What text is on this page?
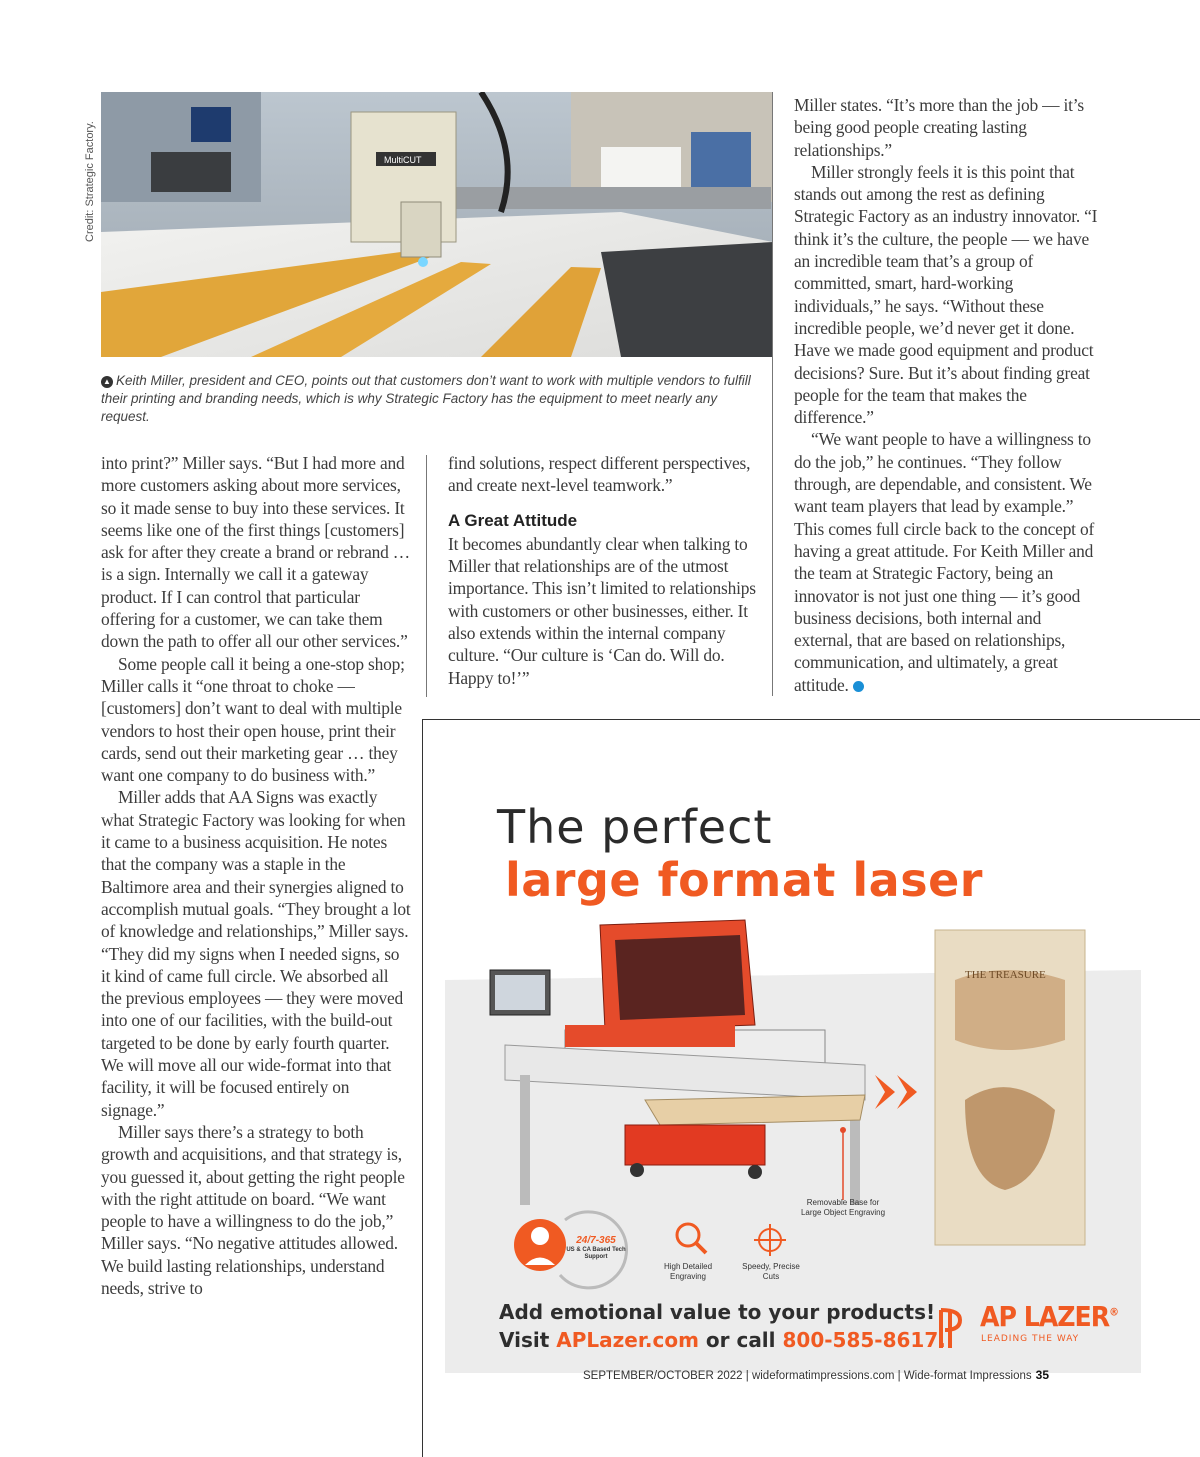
Credit: Strategic Factory.	MultiCUT
▲ Keith Miller, president and CEO, points out that customers don’t want to work with multiple vendors to fulfill their printing and branding needs, which is why Strategic Factory has the equipment to meet nearly any request.

into print?” Miller says. “But I had more and more customers asking about more services, so it made sense to buy into these services. It seems like one of the first things [customers] ask for after they create a brand or rebrand … is a sign. Internally we call it a gateway product. If I can control that particular offering for a customer, we can take them down the path to offer all our other services.”

Some people call it being a one-stop shop; Miller calls it “one throat to choke — [customers] don’t want to deal with multiple vendors to host their open house, print their cards, send out their marketing gear … they want one company to do business with.”

Miller adds that AA Signs was exactly what Strategic Factory was looking for when it came to a business acquisition. He notes that the company was a staple in the Baltimore area and their synergies aligned to accomplish mutual goals. “They brought a lot of knowledge and relationships,” Miller says. “They did my signs when I needed signs, so it kind of came full circle. We absorbed all the previous employees — they were moved into one of our facilities, with the build-out targeted to be done by early fourth quarter. We will move all our wide-format into that facility, it will be focused entirely on signage.”

Miller says there’s a strategy to both growth and acquisitions, and that strategy is, you guessed it, about getting the right people with the right attitude on board. “We want people to have a willingness to do the job,” Miller says. “No negative attitudes allowed. We build lasting relationships, understand needs, strive to

find solutions, respect different perspectives, and create next-level teamwork.”

A Great Attitude

It becomes abundantly clear when talking to Miller that relationships are of the utmost importance. This isn’t limited to relationships with customers or other businesses, either. It also extends within the internal company culture. “Our culture is ‘Can do. Will do. Happy to!’”

Miller states. “It’s more than the job — it’s being good people creating lasting relationships.”

Miller strongly feels it is this point that stands out among the rest as defining Strategic Factory as an industry innovator. “I think it’s the culture, the people — we have an incredible team that’s a group of committed, smart, hard-working individuals,” he says. “Without these incredible people, we’d never get it done. Have we made good equipment and product decisions? Sure. But it’s about finding great people for the team that makes the difference.”

“We want people to have a willingness to do the job,” he continues. “They follow through, are dependable, and consistent. We want team players that lead by example.” This comes full circle back to the concept of having a great attitude. For Keith Miller and the team at Strategic Factory, being an innovator is not just one thing — it’s good business decisions, both internal and external, that are based on relationships, communication, and ultimately, a great attitude.

THE TREASURE
The perfect
large format laser
Removable Base for Large Object Engraving
24/7-365
US & CA Based Tech Support
High Detailed Engraving
Speedy, Precise Cuts
Add emotional value to your products!
Visit APLazer.com or call 800-585-8617.
AP LAZER®
LEADING THE WAY
SEPTEMBER/OCTOBER 2022 | wideformatimpressions.com | Wide-format Impressions 35
